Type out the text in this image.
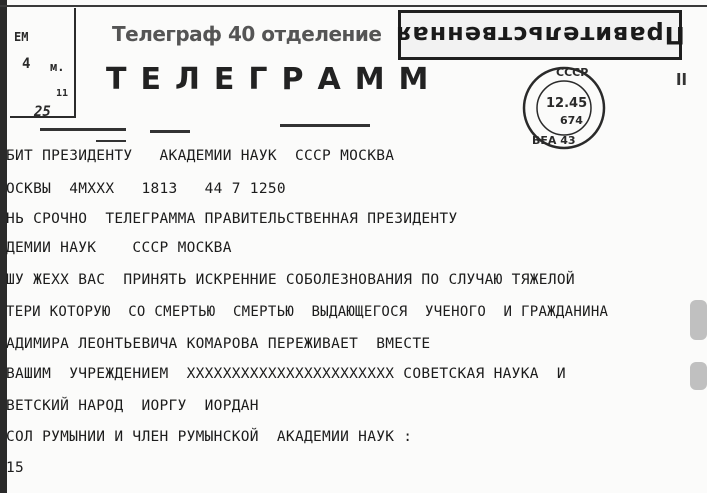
ЕМ
4 м.
25
11
Телеграф 40 отделение
ТЕЛЕГРАММ
Правительственная
СССР
12.45
674
ВЕА 43
ll
БИТ ПРЕЗИДЕНТУ   АКАДЕМИИ НАУК  СССР МОСКВА
ОСКВЫ  4МХХХ   1813   44 7 1250
НЬ СРОЧНО  ТЕЛЕГРАММА ПРАВИТЕЛЬСТВЕННАЯ ПРЕЗИДЕНТУ
ДЕМИИ НАУК    СССР МОСКВА
ШУ ЖЕХХ ВАС  ПРИНЯТЬ ИСКРЕННИЕ СОБОЛЕЗНОВАНИЯ ПО СЛУЧАЮ ТЯЖЕЛОЙ
ТЕРИ КОТОРУЮ  СО СМЕРТЬЮ  СМЕРТЬЮ  ВЫДАЮЩЕГОСЯ  УЧЕНОГО  И ГРАЖДАНИНА
АДИМИРА ЛЕОНТЬЕВИЧА КОМАРОВА ПЕРЕЖИВАЕТ  ВМЕСТЕ
ВАШИМ  УЧРЕЖДЕНИЕМ  ХХХХХХХХХХХХХХХХХХХХХХХ СОВЕТСКАЯ НАУКА  И
ВЕТСКИЙ НАРОД  ИОРГУ  ИОРДАН
СОЛ РУМЫНИИ И ЧЛЕН РУМЫНСКОЙ  АКАДЕМИИ НАУК :
15
